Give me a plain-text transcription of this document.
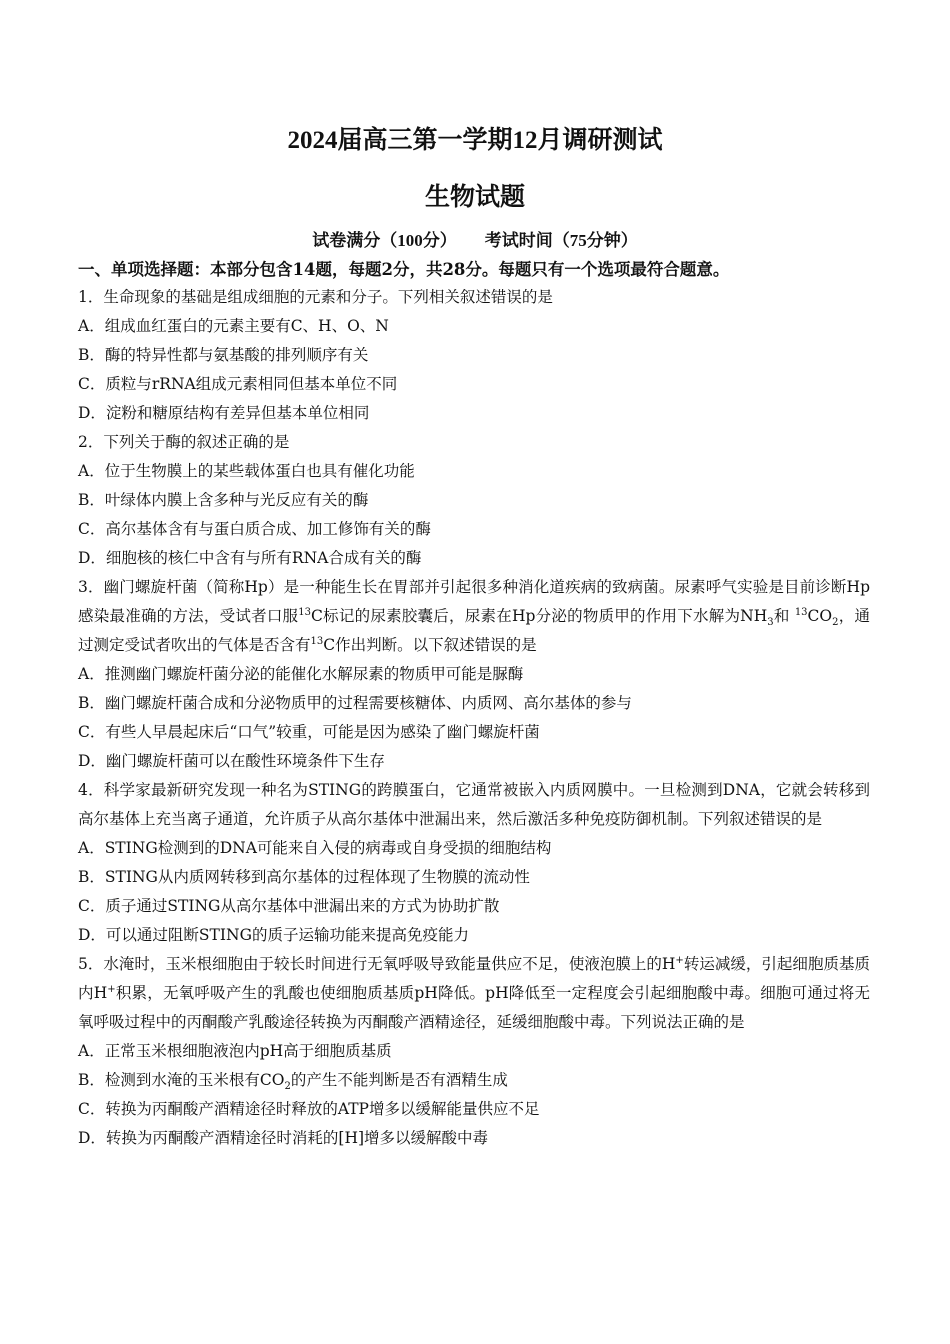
2024届高三第一学期12月调研测试
生物试题
试卷满分（100分） 考试时间（75分钟）
一、单项选择题：本部分包含14题，每题2分，共28分。每题只有一个选项最符合题意。
1．生命现象的基础是组成细胞的元素和分子。下列相关叙述错误的是
A．组成血红蛋白的元素主要有C、H、O、N
B．酶的特异性都与氨基酸的排列顺序有关
C．质粒与rRNA组成元素相同但基本单位不同
D．淀粉和糖原结构有差异但基本单位相同
2．下列关于酶的叙述正确的是
A．位于生物膜上的某些载体蛋白也具有催化功能
B．叶绿体内膜上含多种与光反应有关的酶
C．高尔基体含有与蛋白质合成、加工修饰有关的酶
D．细胞核的核仁中含有与所有RNA合成有关的酶
3．幽门螺旋杆菌（简称Hp）是一种能生长在胃部并引起很多种消化道疾病的致病菌。尿素呼气实验是目前诊断Hp感染最准确的方法，受试者口服$^{13}$C标记的尿素胶囊后，尿素在Hp分泌的物质甲的作用下水解为$NH_3$和 $^{13}CO_2$，通过测定受试者吹出的气体是否含有$^{13}$C作出判断。以下叙述错误的是
A．推测幽门螺旋杆菌分泌的能催化水解尿素的物质甲可能是脲酶
B．幽门螺旋杆菌合成和分泌物质甲的过程需要核糖体、内质网、高尔基体的参与
C．有些人早晨起床后“口气”较重，可能是因为感染了幽门螺旋杆菌
D．幽门螺旋杆菌可以在酸性环境条件下生存
4．科学家最新研究发现一种名为STING的跨膜蛋白，它通常被嵌入内质网膜中。一旦检测到DNA，它就会转移到高尔基体上充当离子通道，允许质子从高尔基体中泄漏出来，然后激活多种免疫防御机制。下列叙述错误的是
A．STING检测到的DNA可能来自入侵的病毒或自身受损的细胞结构
B．STING从内质网转移到高尔基体的过程体现了生物膜的流动性
C．质子通过STING从高尔基体中泄漏出来的方式为协助扩散
D．可以通过阻断STING的质子运输功能来提高免疫能力
5．水淹时，玉米根细胞由于较长时间进行无氧呼吸导致能量供应不足，使液泡膜上的H+转运减缓，引起细胞质基质内H+积累，无氧呼吸产生的乳酸也使细胞质基质pH降低。pH降低至一定程度会引起细胞酸中毒。细胞可通过将无氧呼吸过程中的丙酮酸产乳酸途径转换为丙酮酸产酒精途径，延缓细胞酸中毒。下列说法正确的是
A．正常玉米根细胞液泡内pH高于细胞质基质
B．检测到水淹的玉米根有$CO_2$的产生不能判断是否有酒精生成
C．转换为丙酮酸产酒精途径时释放的ATP增多以缓解能量供应不足
D．转换为丙酮酸产酒精途径时消耗的[H]增多以缓解酸中毒
